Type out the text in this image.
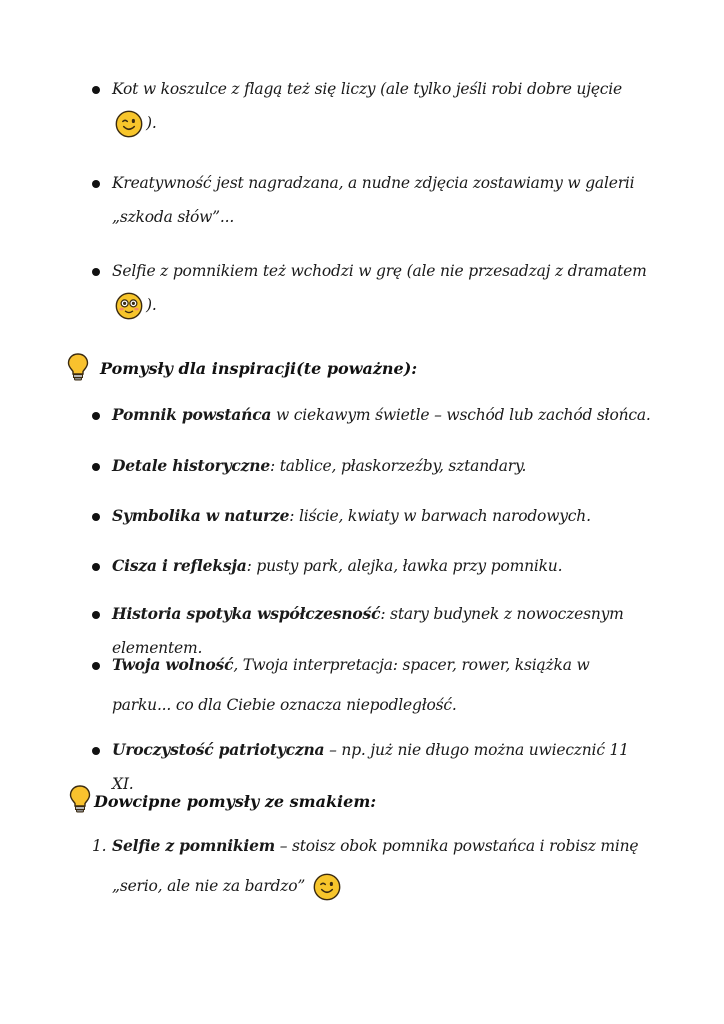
Kot w koszulce z flagą też się liczy (ale tylko jeśli robi dobre ujęcie ).
Kreatywność jest nagradzana, a nudne zdjęcia zostawiamy w galerii „szkoda słów”...
Selfie z pomnikiem też wchodzi w grę (ale nie przesadzaj z dramatem ).
Pomysły dla inspiracji(te poważne):
Pomnik powstańca w ciekawym świetle – wschód lub zachód słońca.
Detale historyczne: tablice, płaskorzeźby, sztandary.
Symbolika w naturze: liście, kwiaty w barwach narodowych.
Cisza i refleksja: pusty park, alejka, ławka przy pomniku.
Historia spotyka współczesność: stary budynek z nowoczesnym elementem.
Twoja wolność, Twoja interpretacja: spacer, rower, książka w parku... co dla Ciebie oznacza niepodległość.
Uroczystość patriotyczna – np. już nie długo można uwiecznić 11 XI.
Dowcipne pomysły ze smakiem:
1. Selfie z pomnikiem – stoisz obok pomnika powstańca i robisz minę „serio, ale nie za bardzo”
